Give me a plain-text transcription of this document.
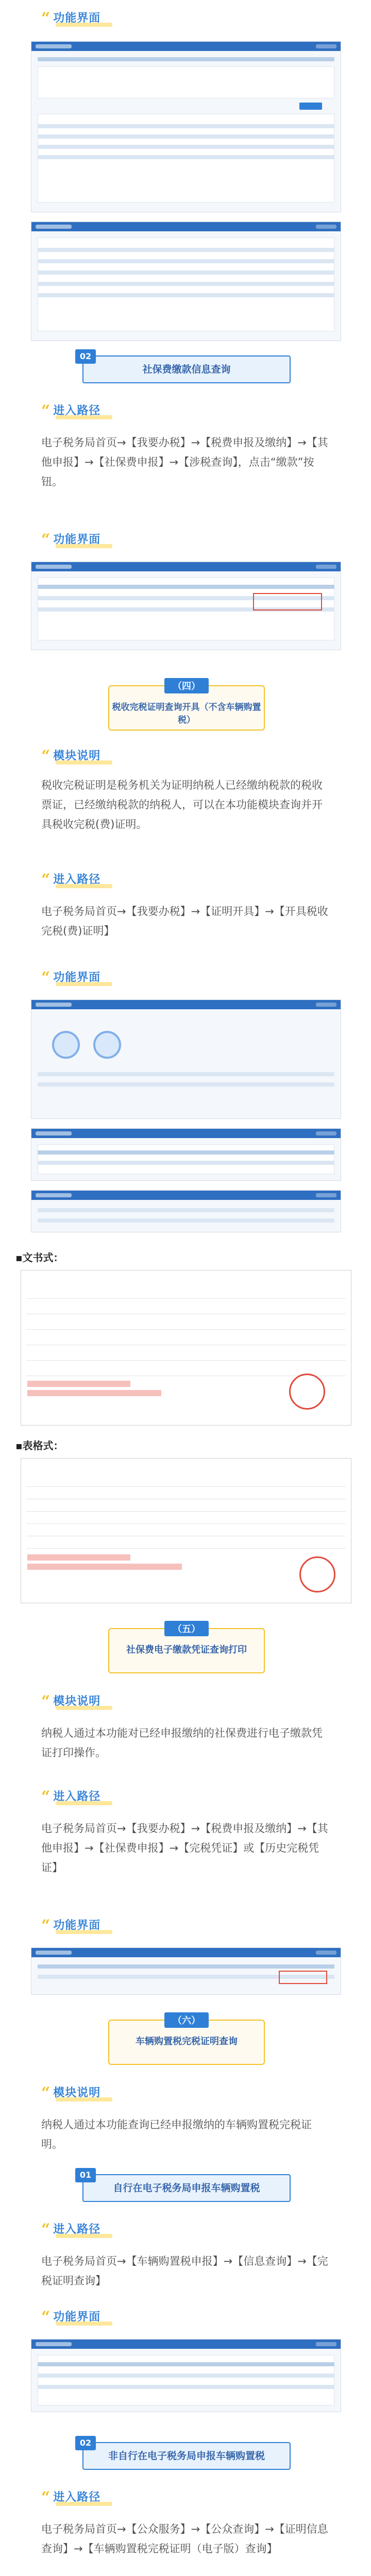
“ 功能界面
02
社保费缴款信息查询
“ 进入路径

电子税务局首页→【我要办税】→【税费申报及缴纳】→【其他申报】→【社保费申报】→【涉税查询】，点击“缴款”按钮。

“ 功能界面
（四）
税收完税证明查询开具（不含车辆购置税）
“ 模块说明

税收完税证明是税务机关为证明纳税人已经缴纳税款的税收票证，已经缴纳税款的纳税人，可以在本功能模块查询并开具税收完税(费)证明。

“ 进入路径

电子税务局首页→【我要办税】→【证明开具】→【开具税收完税(费)证明】

“ 功能界面
▪文书式：
▪表格式：
（五）
社保费电子缴款凭证查询打印
“ 模块说明

纳税人通过本功能对已经申报缴纳的社保费进行电子缴款凭证打印操作。

“ 进入路径

电子税务局首页→【我要办税】→【税费申报及缴纳】→【其他申报】→【社保费申报】→【完税凭证】或【历史完税凭证】

“ 功能界面
（六）
车辆购置税完税证明查询
“ 模块说明

纳税人通过本功能查询已经申报缴纳的车辆购置税完税证明。

01
自行在电子税务局申报车辆购置税
“ 进入路径

电子税务局首页→【车辆购置税申报】→【信息查询】→【完税证明查询】

“ 功能界面
02
非自行在电子税务局申报车辆购置税
“ 进入路径

电子税务局首页→【公众服务】→【公众查询】→【证明信息查询】→【车辆购置税完税证明（电子版）查询】
